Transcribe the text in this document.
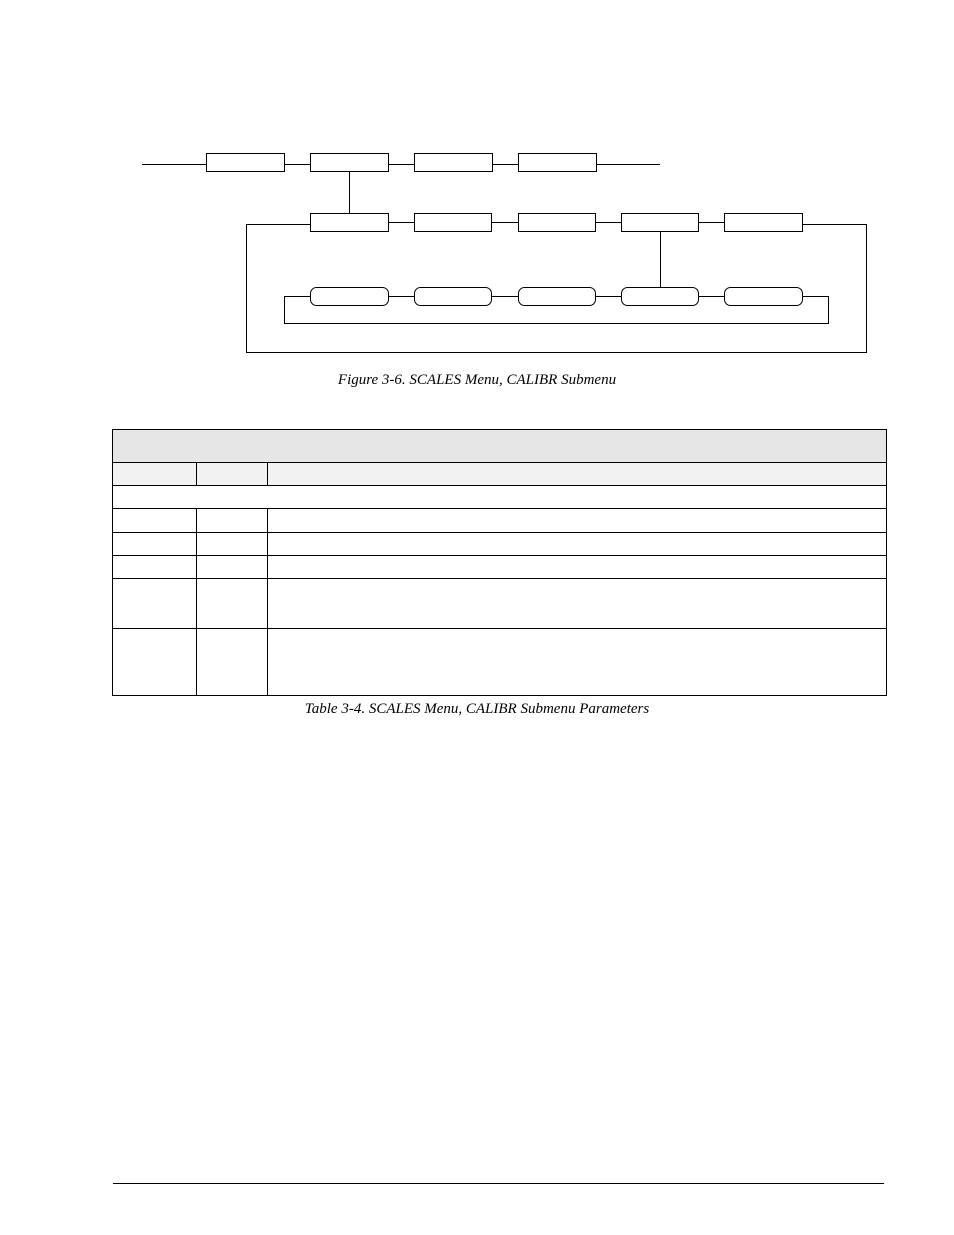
Figure 3-6. SCALES Menu, CALIBR Submenu

Table 3-4. SCALES Menu, CALIBR Submenu Parameters
